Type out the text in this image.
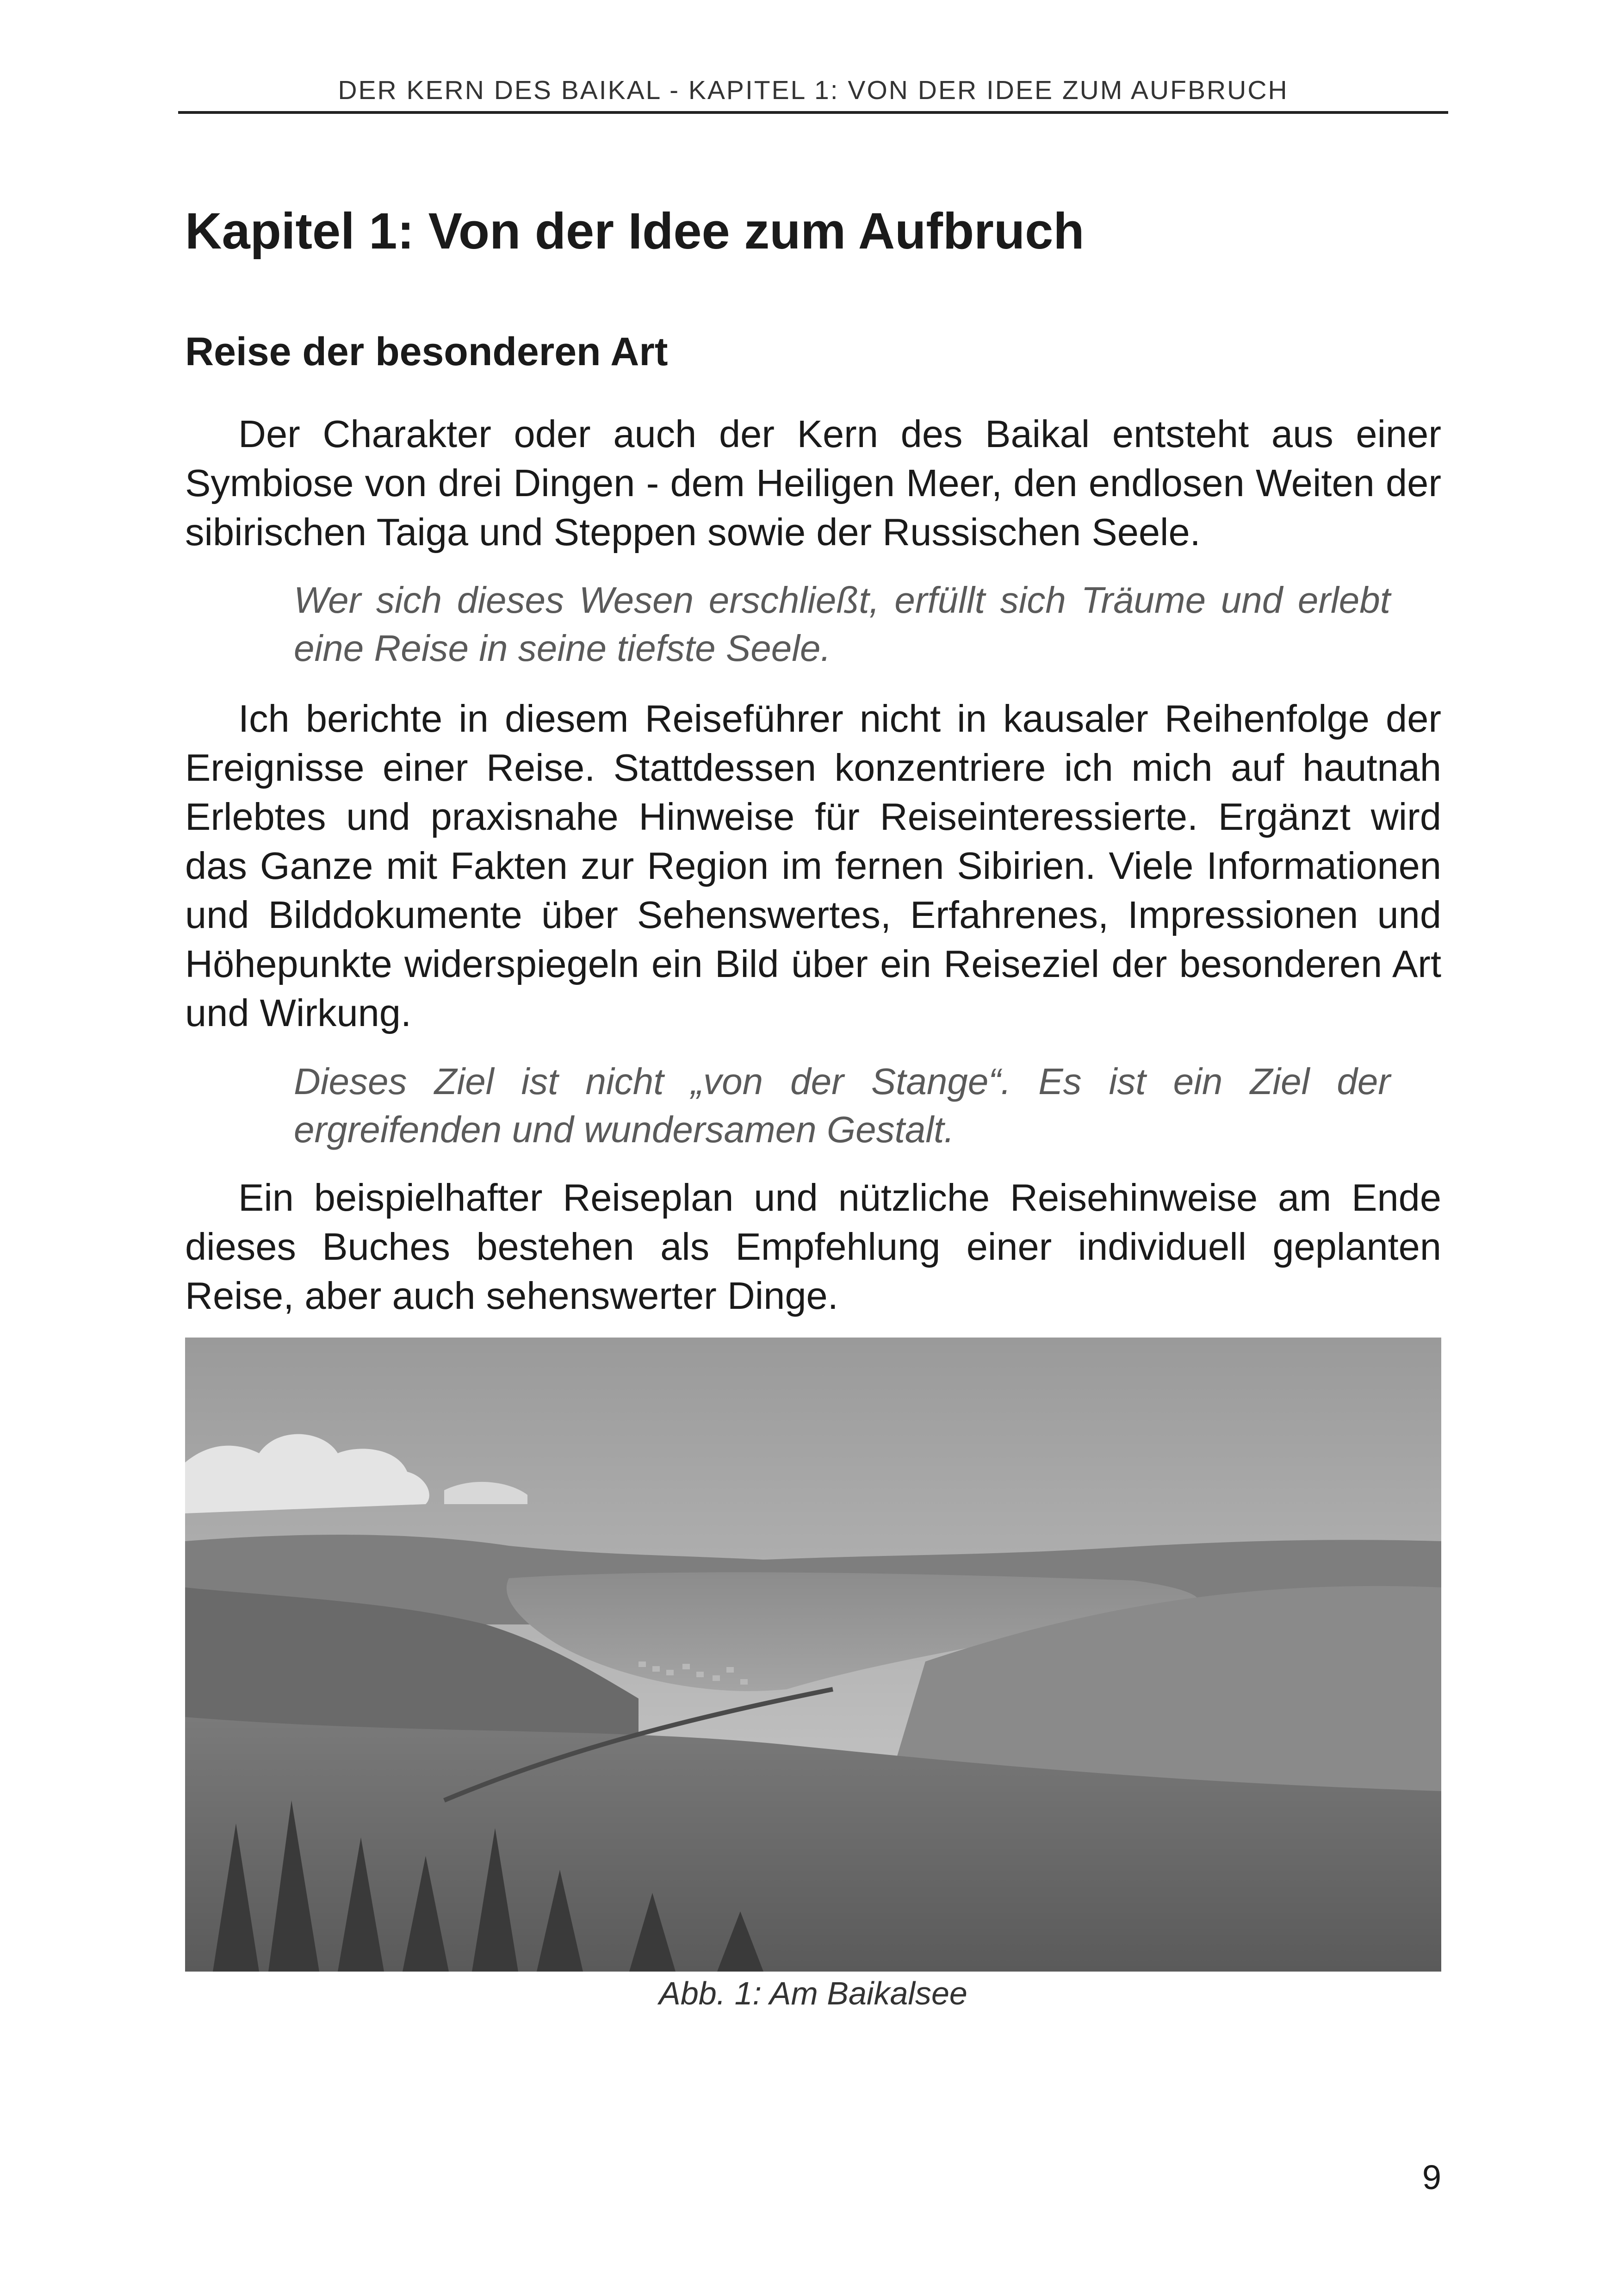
DER KERN DES BAIKAL - KAPITEL 1: VON DER IDEE ZUM AUFBRUCH
Kapitel 1: Von der Idee zum Aufbruch
Reise der besonderen Art

Der Charakter oder auch der Kern des Baikal entsteht aus einer Symbiose von drei Dingen - dem Heiligen Meer, den endlosen Weiten der sibirischen Taiga und Steppen sowie der Russischen Seele.

Wer sich dieses Wesen erschließt, erfüllt sich Träume und erlebt eine Reise in seine tiefste Seele.

Ich berichte in diesem Reiseführer nicht in kausaler Reihenfolge der Ereignisse einer Reise. Stattdessen konzentriere ich mich auf hautnah Erlebtes und praxisnahe Hinweise für Reiseinteressierte. Ergänzt wird das Ganze mit Fakten zur Region im fernen Sibirien. Viele Informationen und Bilddokumente über Sehenswertes, Erfahrenes, Impressionen und Höhepunkte widerspiegeln ein Bild über ein Reiseziel der besonderen Art und Wirkung.

Dieses Ziel ist nicht „von der Stange“. Es ist ein Ziel der ergreifenden und wundersamen Gestalt.

Ein beispielhafter Reiseplan und nützliche Reisehinweise am Ende dieses Buches bestehen als Empfehlung einer individuell geplanten Reise, aber auch sehenswerter Dinge.

Abb. 1: Am Baikalsee
9
